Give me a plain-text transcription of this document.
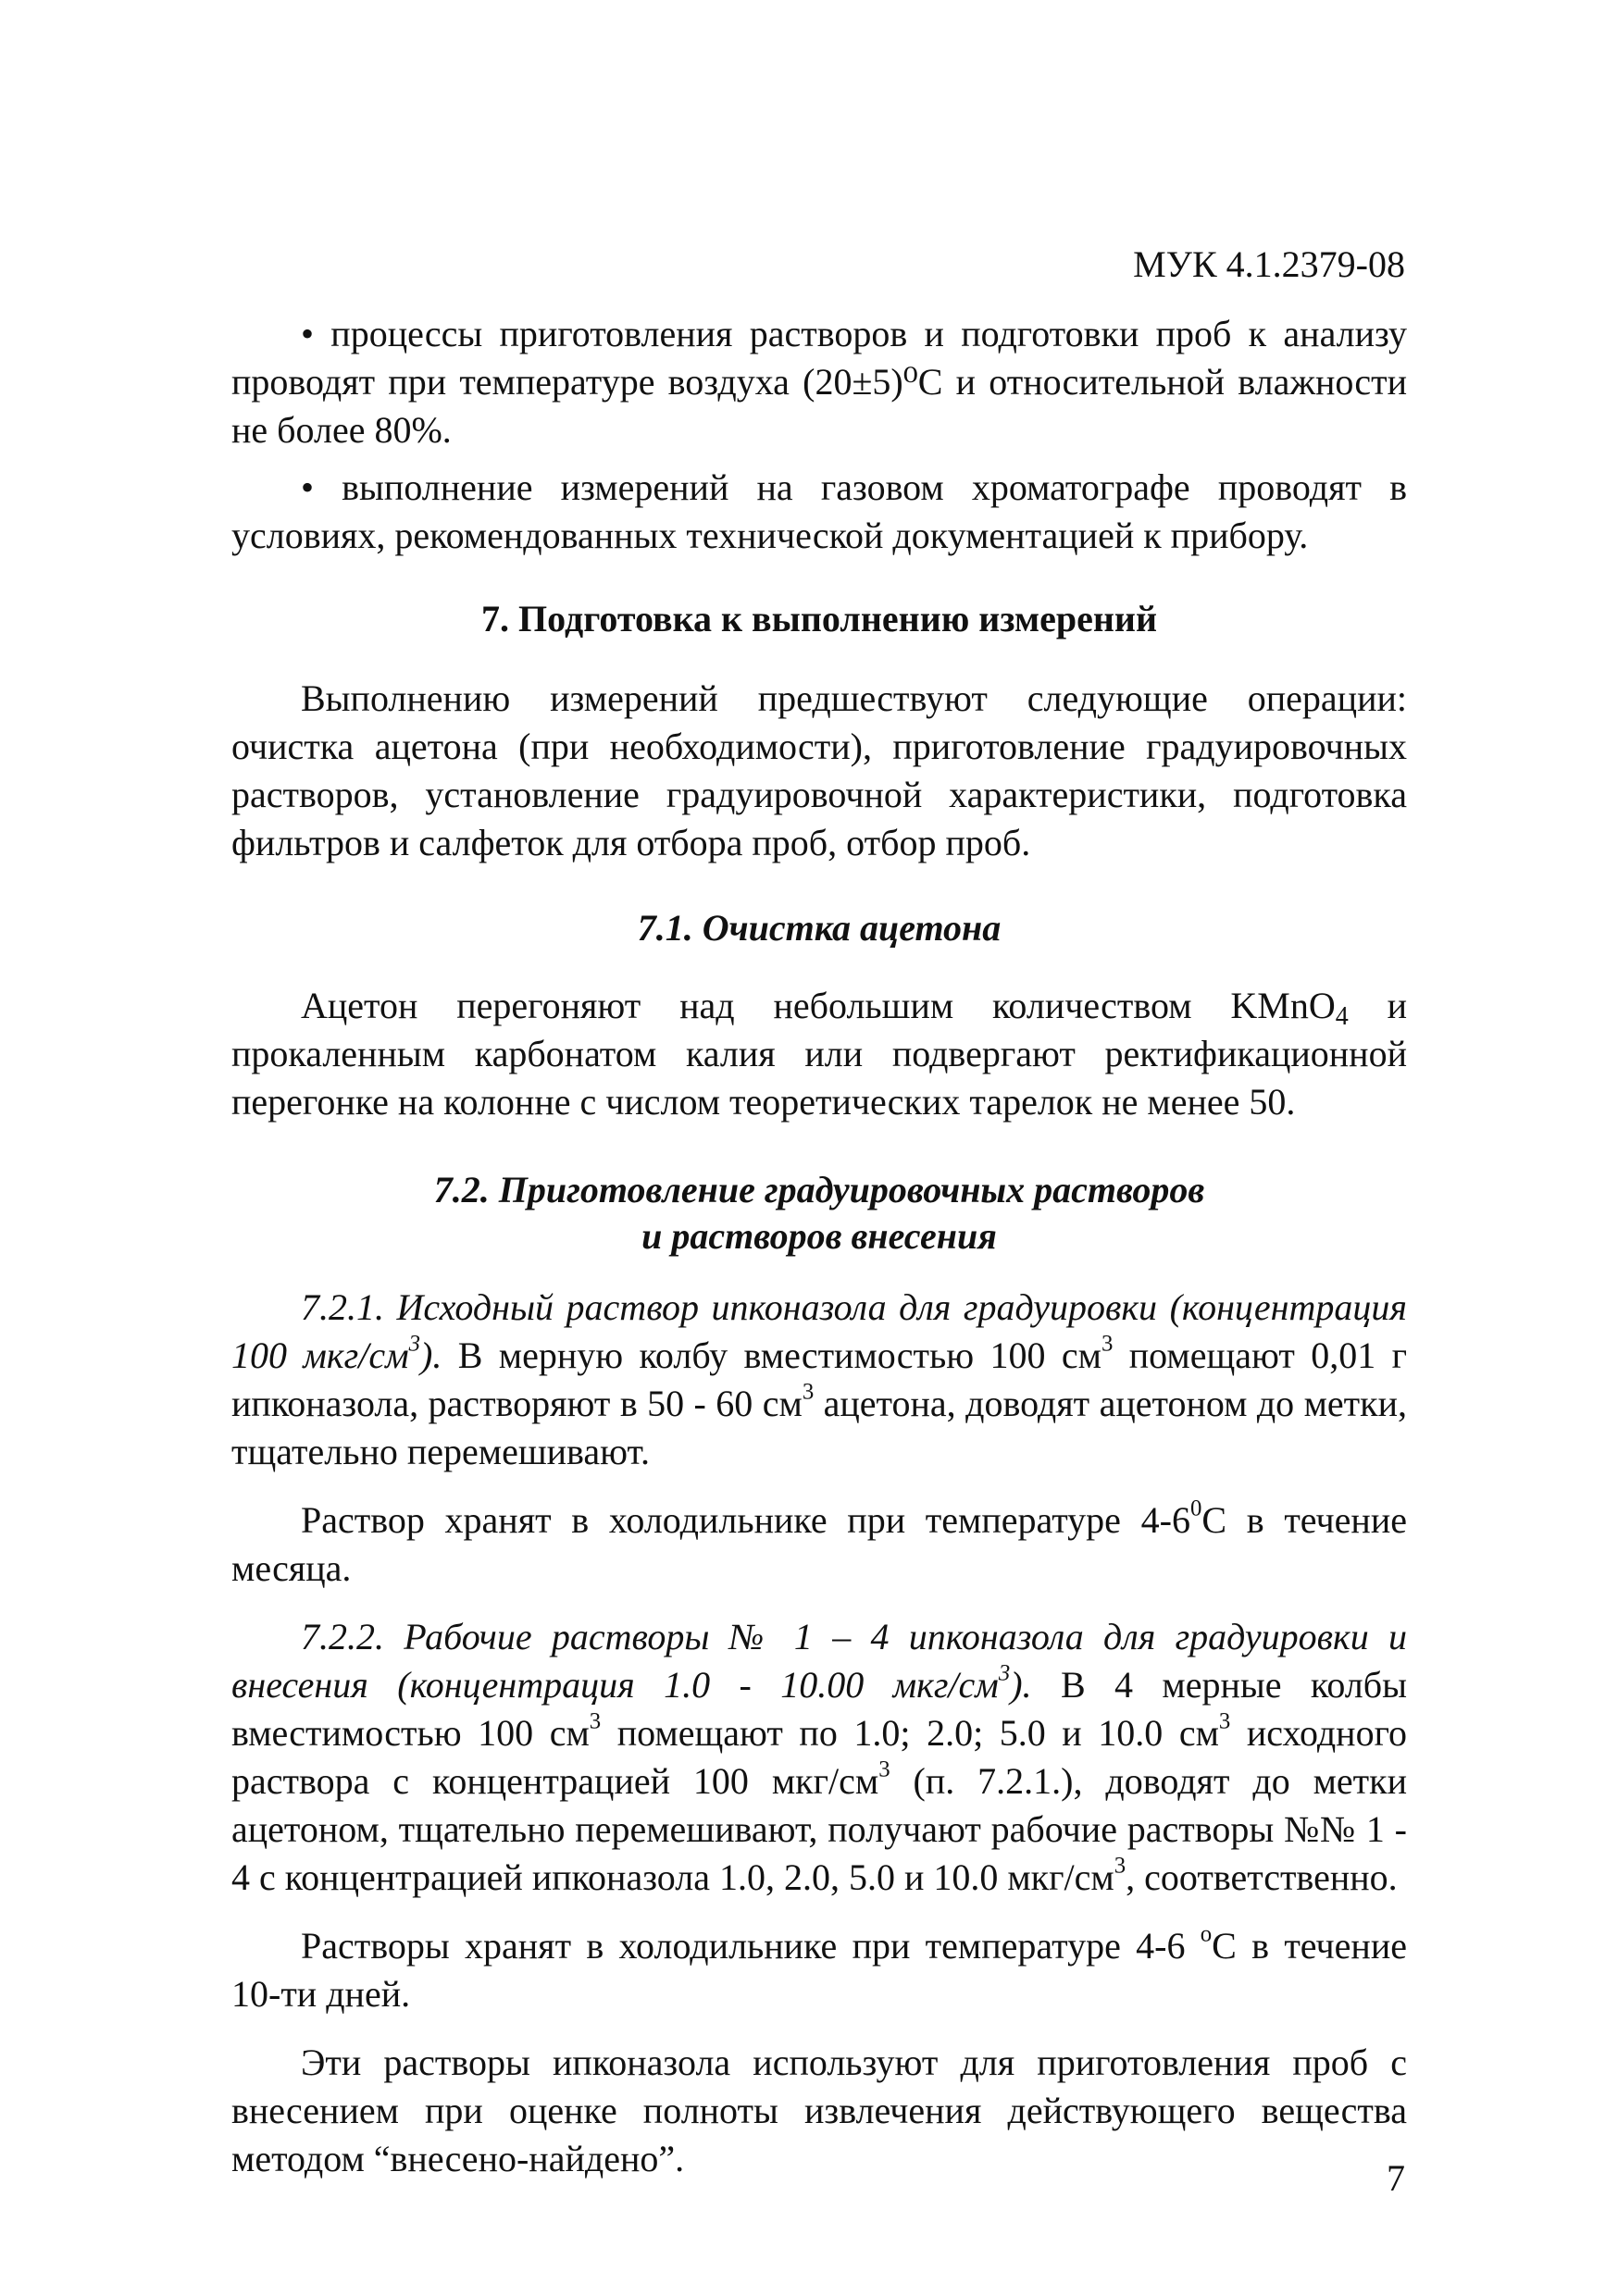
МУК 4.1.2379-08

• процессы приготовления растворов и подготовки проб к анализу проводят при температуре воздуха (20±5)⁰С и относительной влажности не более 80%.

• выполнение измерений на газовом хроматографе проводят в условиях, рекомендованных технической документацией к прибору.

7. Подготовка к выполнению измерений

Выполнению измерений предшествуют следующие операции: очистка ацетона (при необходимости), приготовление градуировочных растворов, установление градуировочной характеристики, подготовка фильтров и салфеток для отбора проб, отбор проб.

7.1. Очистка ацетона

Ацетон перегоняют над небольшим количеством KMnO$_4$ и прокаленным карбонатом калия или подвергают ректификационной перегонке на колонне с числом теоретических тарелок не менее 50.

7.2. Приготовление градуировочных растворов
и растворов внесения

7.2.1. Исходный раствор ипконазола для градуировки (концентрация 100 мкг/$см^3$). В мерную колбу вместимостью 100 $см^3$ помещают 0,01 г ипконазола, растворяют в 50 - 60 $см^3$ ацетона, доводят ацетоном до метки, тщательно перемешивают.

Раствор хранят в холодильнике при температуре $4-6^0С$ в течение месяца.

7.2.2. Рабочие растворы № 1 – 4 ипконазола для градуировки и внесения (концентрация 1.0 - 10.00 мкг/$см^3$). В 4 мерные колбы вместимостью 100 $см^3$ помещают по 1.0; 2.0; 5.0 и 10.0 $см^3$ исходного раствора с концентрацией 100 мкг/$см^3$ (п. 7.2.1.), доводят до метки ацетоном, тщательно перемешивают, получают рабочие растворы №№ 1 - 4 с концентрацией ипконазола 1.0, 2.0, 5.0 и 10.0 мкг/$см^3$, соответственно.

Растворы хранят в холодильнике при температуре 4-6 $^о$С в течение 10-ти дней.

Эти растворы ипконазола используют для приготовления проб с внесением при оценке полноты извлечения действующего вещества методом “внесено-найдено”.	7
